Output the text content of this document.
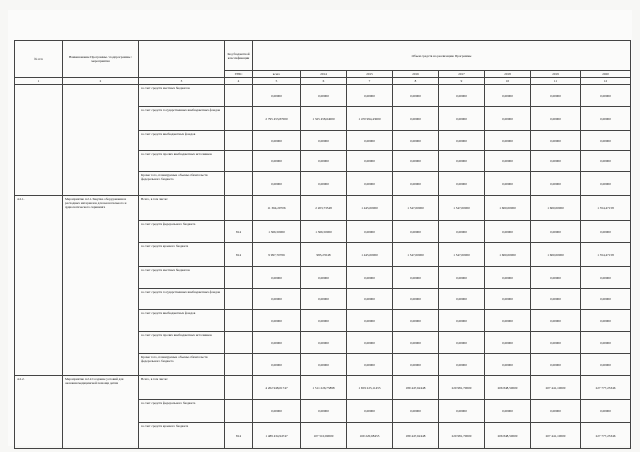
№ п/п	Наименование Программы / подпрограммы / мероприятия		Код бюджетной классификации	Объем средств на реализацию Программы							
			ГРБС	всего	2014	2015	2016	2017	2018	2019	2020
1	2	3	4	5	6	7	8	9	10	11	12
		за счет средств местных бюджетов		0,00000	0,00000	0,00000	0,00000	0,00000	0,00000	0,00000	0,00000
		за счет средств государственных внебюджетных фондов		2 795 453,87000	1 325 458,64000	1 470 994,43000	0,00000	0,00000	0,00000	0,00000	0,00000
		за счет средств внебюджетных фондов		0,00000	0,00000	0,00000	0,00000	0,00000	0,00000	0,00000	0,00000
		за счет средств прочих внебюджетных источников		0,00000	0,00000	0,00000	0,00000	0,00000	0,00000	0,00000	0,00000
		Кроме того, планируемые объемы обязательств федерального бюджета		0,00000	0,00000	0,00000	0,00000	0,00000	0,00000	0,00000	0,00000
4.2.1.	Мероприятие 4.2.1.Закупка оборудования и расходных материалов для неонатального и аудиологического скрининга	Всего, в том числе:		11 364,20706	2 203,73548	1 445,00000	1 547,00000	1 547,00000	1 600,00000	1 600,00000	1 354,47158
		за счет средств федерального бюджета	814	1 366,50000	1 366,50000	0,00000	0,00000	0,00000	0,00000	0,00000	0,00000
		за счет средств краевого бюджета	814	9 997,70706	983,23548	1 445,00000	1 547,00000	1 547,00000	1 600,00000	1 600,00000	1 354,47158
		за счет средств местных бюджетов		0,00000	0,00000	0,00000	0,00000	0,00000	0,00000	0,00000	0,00000
		за счет средств государственных внебюджетных фондов		0,00000	0,00000	0,00000	0,00000	0,00000	0,00000	0,00000	0,00000
		за счет средств внебюджетных фондов		0,00000	0,00000	0,00000	0,00000	0,00000	0,00000	0,00000	0,00000
		за счет средств прочих внебюджетных источников		0,00000	0,00000	0,00000	0,00000	0,00000	0,00000	0,00000	0,00000
		Кроме того, планируемые объемы обязательств федерального бюджета		0,00000	0,00000	0,00000	0,00000	0,00000	0,00000	0,00000	0,00000
4.2.2.	Мероприятие 4.2.2.Создание условий для оказания медицинской помощи детям	Всего, в том числе:		4 202 948,01747	1 511 226,75898	1 659 225,11455	189 447,62448	220 981,70000	206 848,50000	207 441,10000	227 777,23346
		за счет средств федерального бюджета		0,00000	0,00000	0,00000	0,00000	0,00000	0,00000	0,00000	0,00000
		за счет средств краевого бюджета	814	1 489 434,94747	107 510,69000	169 220,68455	189 447,62448	220 981,70000	206 848,50000	207 441,10000	227 777,23346
